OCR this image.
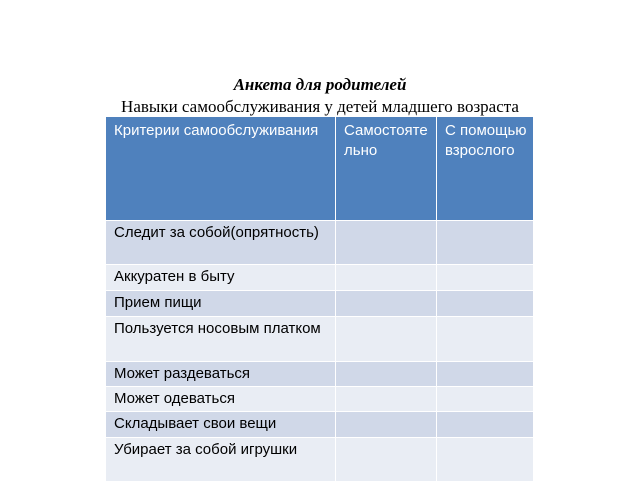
Анкета для родителей
Навыки самообслуживания у детей младшего возраста
Критерии самообслуживания	Самостоятельно	С помощью взрослого
Следит за собой(опрятность)		
Аккуратен в быту		
Прием пищи		
Пользуется носовым платком		
Может раздеваться		
Может одеваться		
Складывает свои вещи		
Убирает за собой игрушки		
